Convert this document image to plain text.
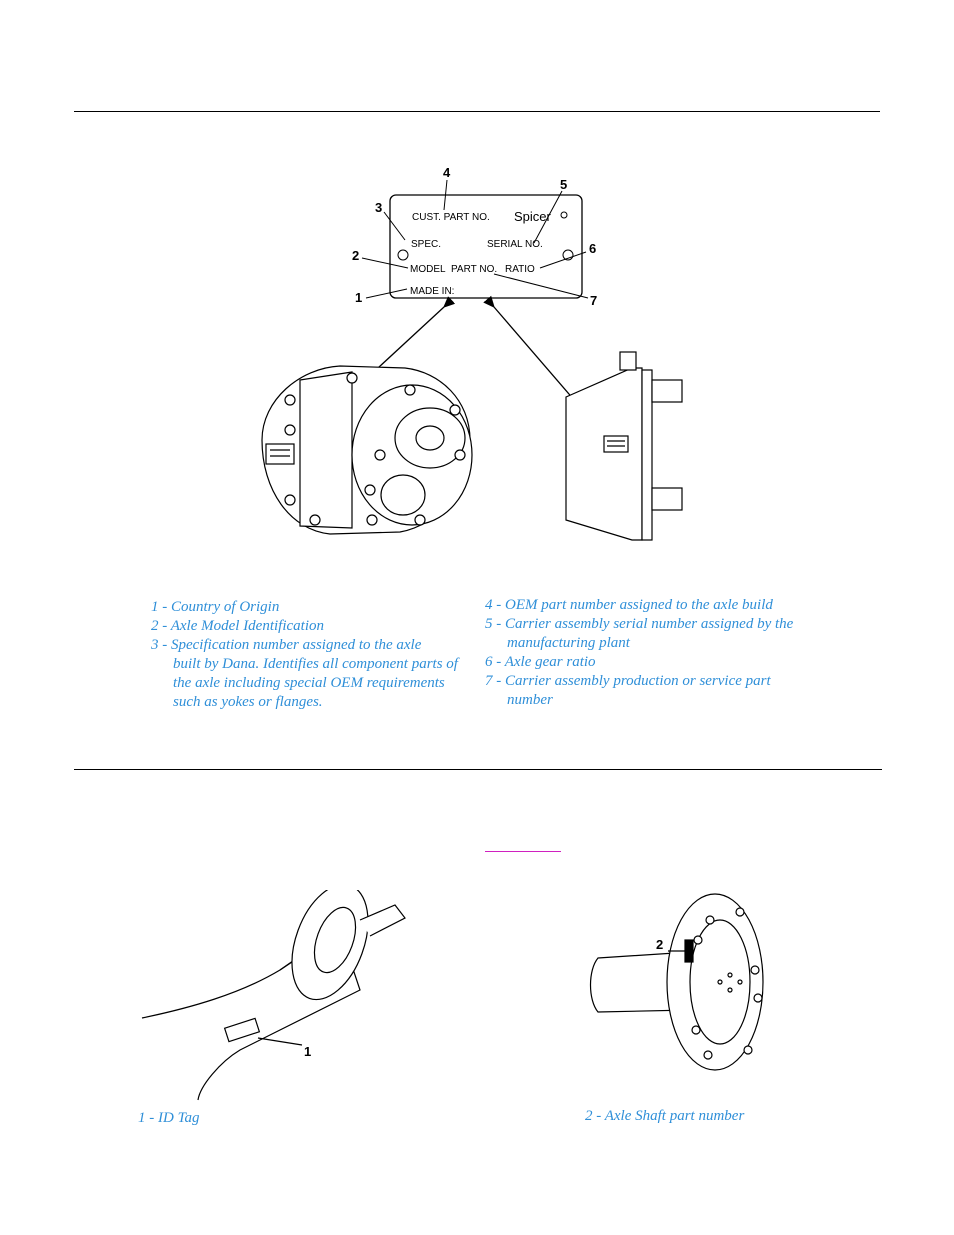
CUST. PART NO. Spicer
SPEC.	SERIAL NO.
MODEL PART NO. RATIO
MADE IN:
4
3
2
1
5
6
7
1 - Country of Origin
2 - Axle Model Identification
3 - Specification number assigned to the axle
built by Dana. Identifies all component parts of
the axle including special OEM requirements
such as yokes or flanges.
4 - OEM part number assigned to the axle build
5 - Carrier assembly serial number assigned by the
manufacturing plant
6 - Axle gear ratio
7 - Carrier assembly production or service part
number
1
1 - ID Tag
2
2 - Axle Shaft part number
